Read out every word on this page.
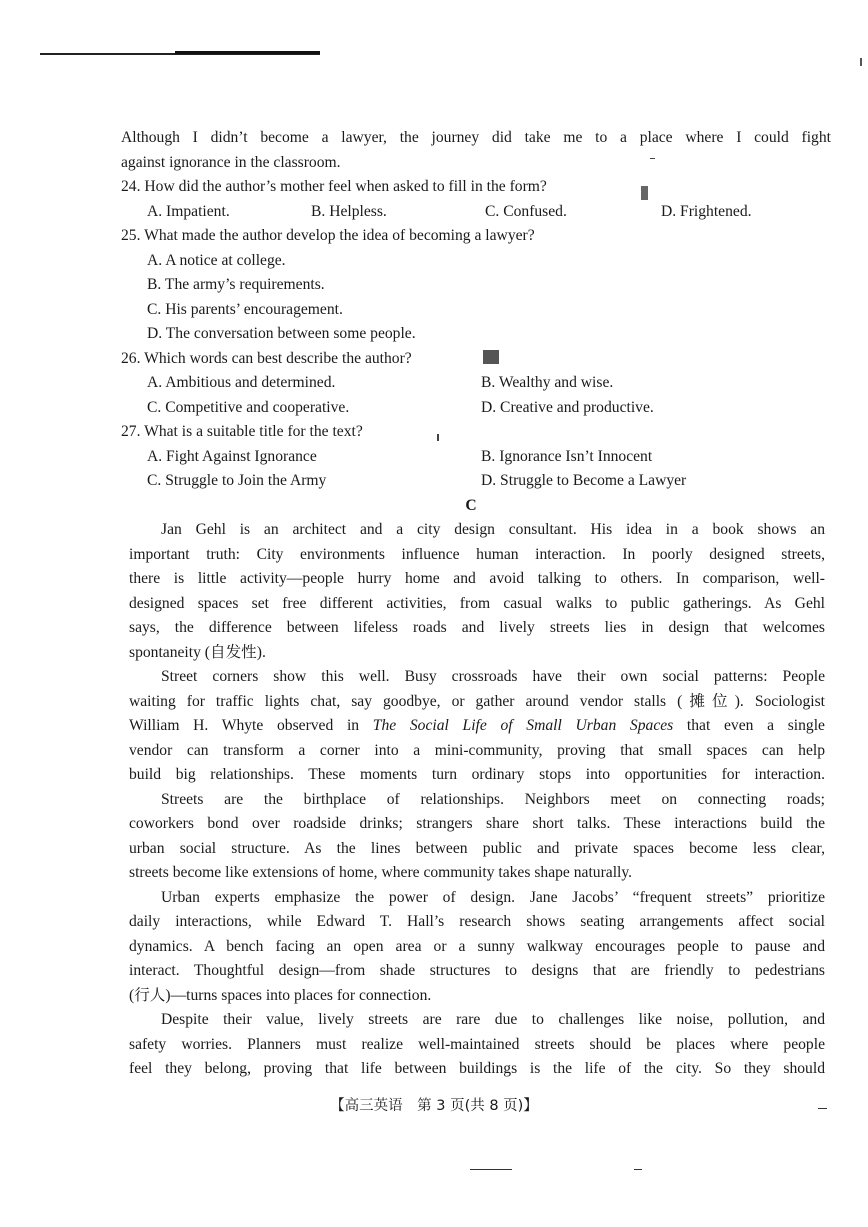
Although I didn’t become a lawyer, the journey did take me to a place where I could fight
against ignorance in the classroom.
24. How did the author’s mother feel when asked to fill in the form?
A. Impatient.	B. Helpless.	C. Confused.	D. Frightened.
25. What made the author develop the idea of becoming a lawyer?
A. A notice at college.
B. The army’s requirements.
C. His parents’ encouragement.
D. The conversation between some people.
26. Which words can best describe the author?
A. Ambitious and determined.	B. Wealthy and wise.
C. Competitive and cooperative.	D. Creative and productive.
27. What is a suitable title for the text?
A. Fight Against Ignorance	B. Ignorance Isn’t Innocent
C. Struggle to Join the Army	D. Struggle to Become a Lawyer
C
Jan Gehl is an architect and a city design consultant. His idea in a book shows an
important truth: City environments influence human interaction. In poorly designed streets,
there is little activity—people hurry home and avoid talking to others. In comparison, well-
designed spaces set free different activities, from casual walks to public gatherings. As Gehl
says, the difference between lifeless roads and lively streets lies in design that welcomes
spontaneity (自发性).
Street corners show this well. Busy crossroads have their own social patterns: People
waiting for traffic lights chat, say goodbye, or gather around vendor stalls (摊位). Sociologist
William H. Whyte observed in The Social Life of Small Urban Spaces that even a single
vendor can transform a corner into a mini-community, proving that small spaces can help
build big relationships. These moments turn ordinary stops into opportunities for interaction.
Streets are the birthplace of relationships. Neighbors meet on connecting roads;
coworkers bond over roadside drinks; strangers share short talks. These interactions build the
urban social structure. As the lines between public and private spaces become less clear,
streets become like extensions of home, where community takes shape naturally.
Urban experts emphasize the power of design. Jane Jacobs’ “frequent streets” prioritize
daily interactions, while Edward T. Hall’s research shows seating arrangements affect social
dynamics. A bench facing an open area or a sunny walkway encourages people to pause and
interact. Thoughtful design—from shade structures to designs that are friendly to pedestrians
(行人)—turns spaces into places for connection.
Despite their value, lively streets are rare due to challenges like noise, pollution, and
safety worries. Planners must realize well-maintained streets should be places where people
feel they belong, proving that life between buildings is the life of the city. So they should
【高三英语　第 3 页(共 8 页)】
